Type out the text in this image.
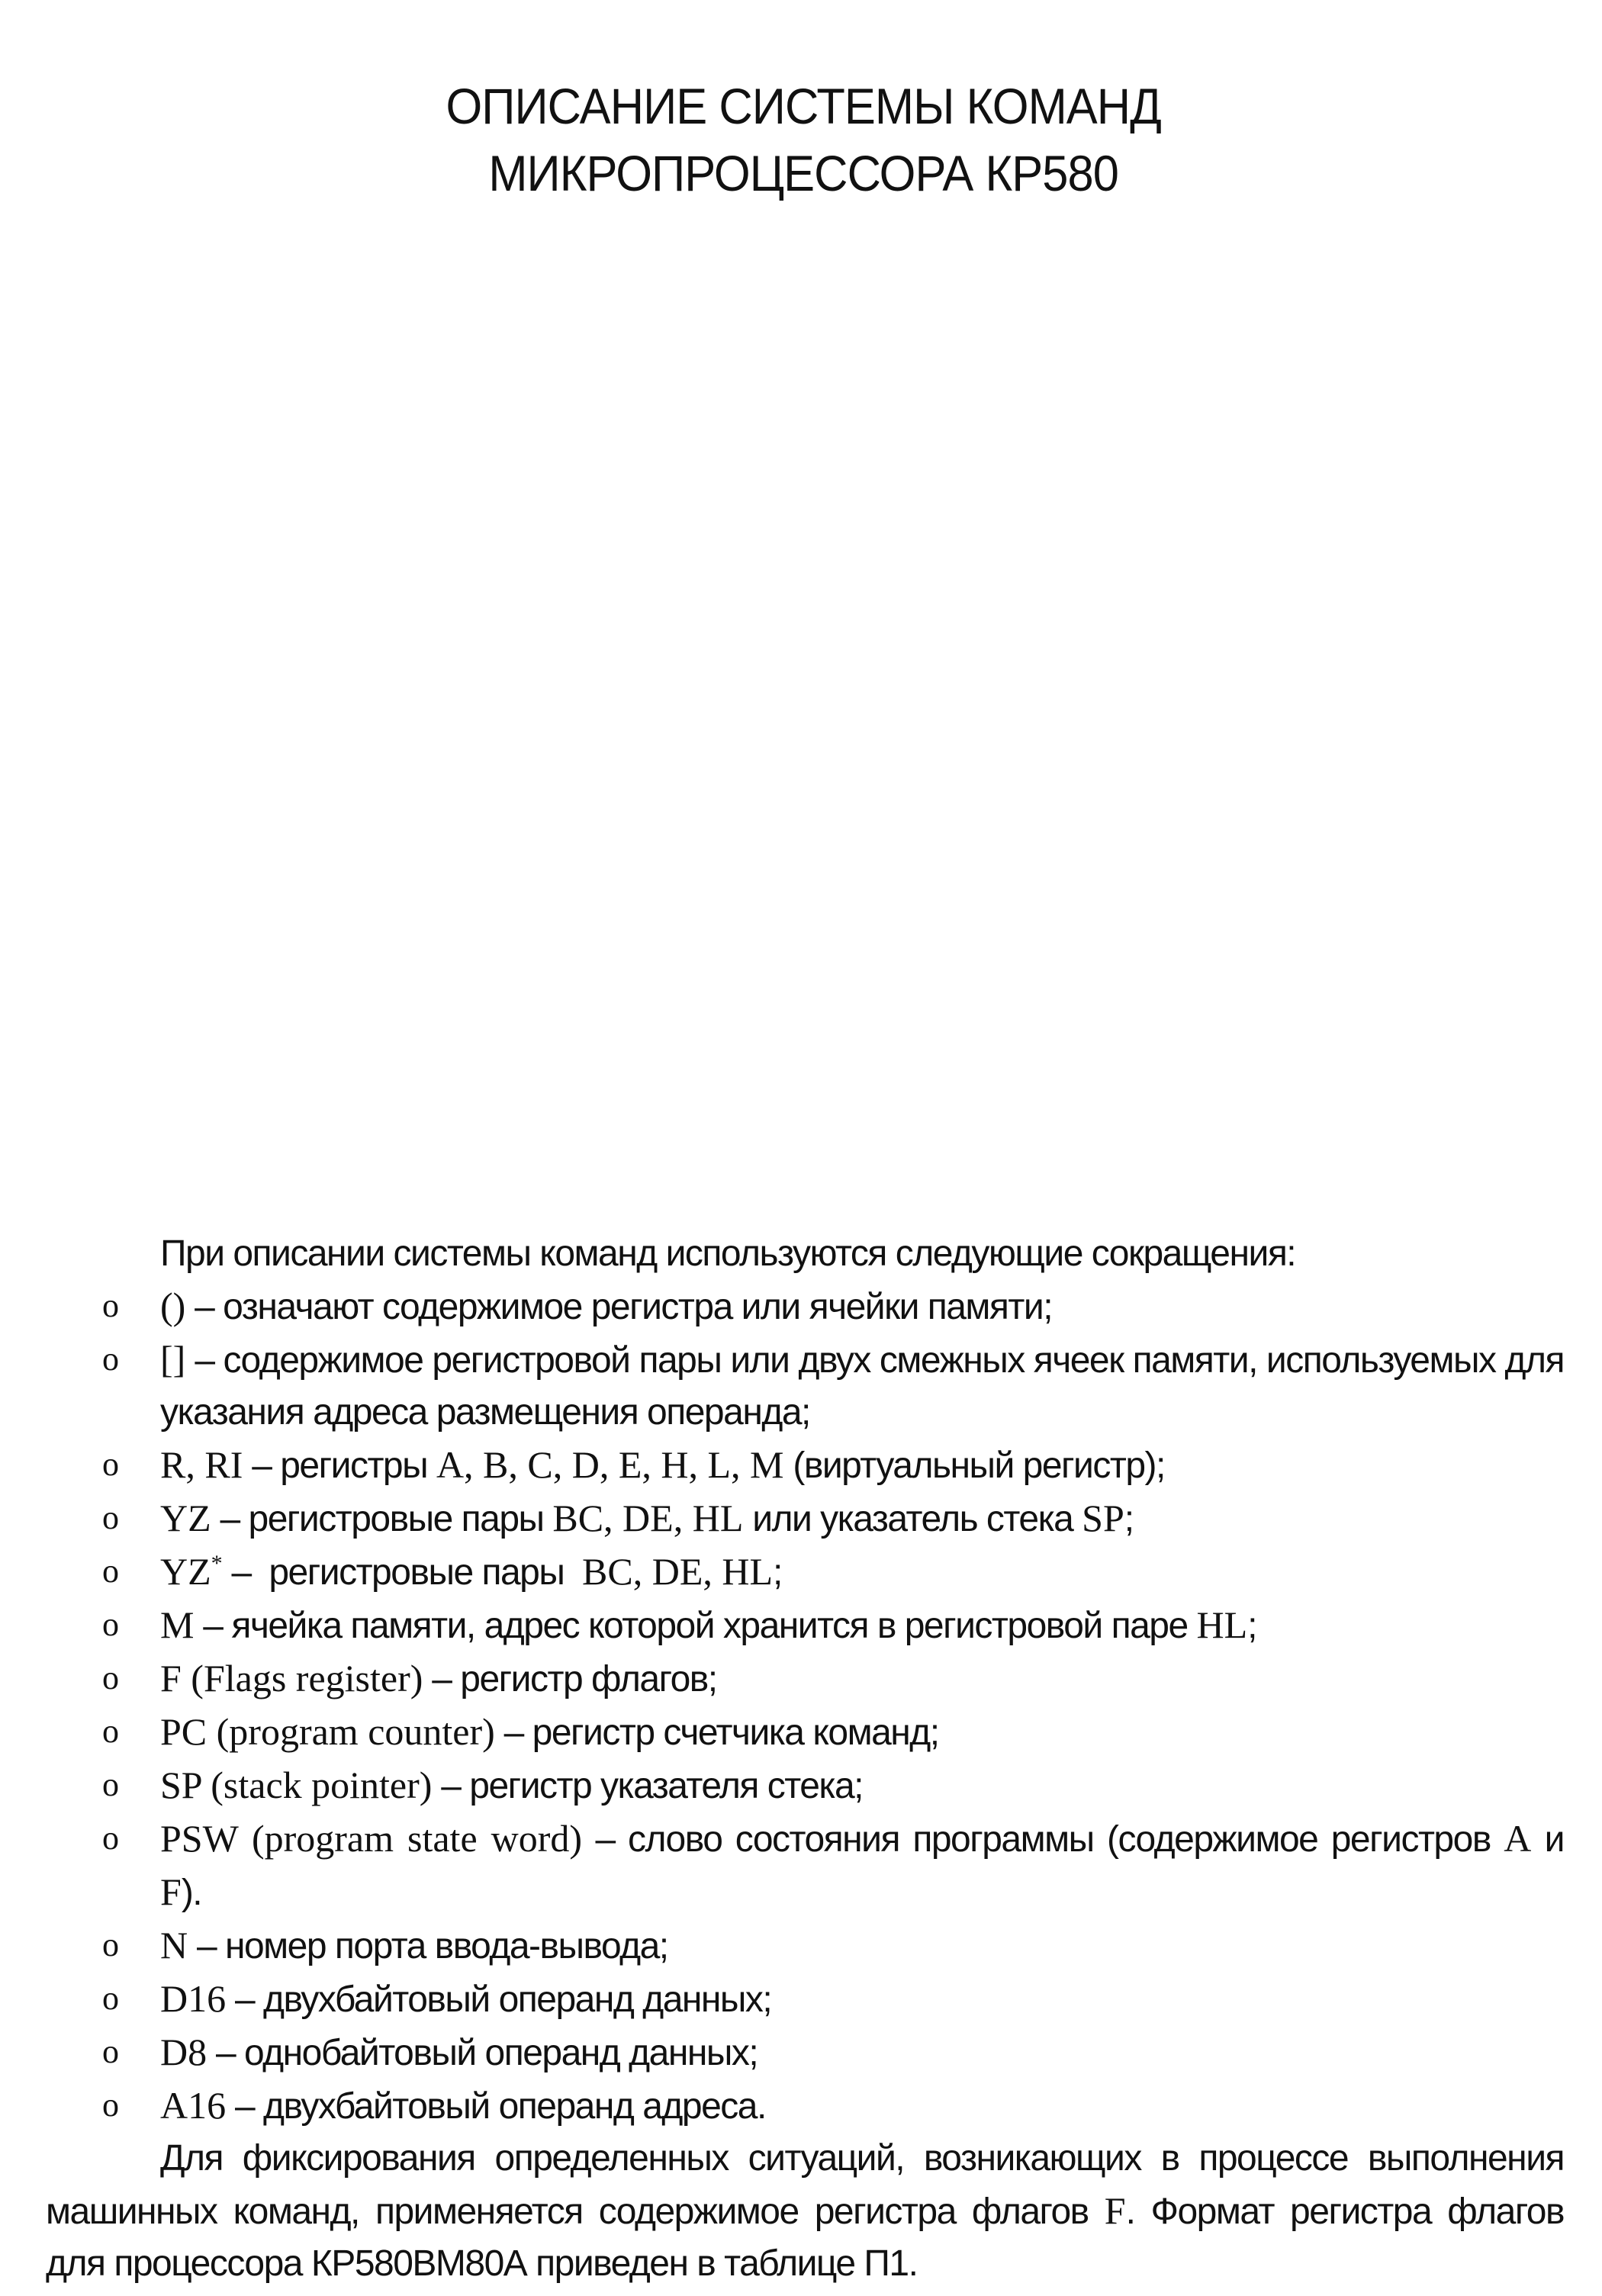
ОПИСАНИЕ СИСТЕМЫ КОМАНД
МИКРОПРОЦЕССОРА КР580

При описании системы команд используются следующие сокращения:

o () – означают содержимое регистра или ячейки памяти;
o [] – содержимое регистровой пары или двух смежных ячеек памяти, используемых для указания адреса размещения операнда;
o R, RI – регистры A, B, C, D, E, H, L, M (виртуальный регистр);
o YZ – регистровые пары BC, DE, HL или указатель стека SP;
o YZ* –  регистровые пары  BC, DE, HL;
o M – ячейка памяти, адрес которой хранится в регистровой паре HL;
o F (Flags register) – регистр флагов;
o PC (program counter) – регистр счетчика команд;
o SP (stack pointer) – регистр указателя стека;
o PSW (program state word) – слово состояния программы (содержимое регистров A и F).
o N – номер порта ввода-вывода;
o D16 – двухбайтовый операнд данных;
o D8 – однобайтовый операнд данных;
o A16 – двухбайтовый операнд адреса.

Для фиксирования определенных ситуаций, возникающих в процессе выполнения машинных команд, применяется содержимое регистра флагов F. Формат регистра флагов для процессора КР580ВМ80А приведен в таблице П1.
